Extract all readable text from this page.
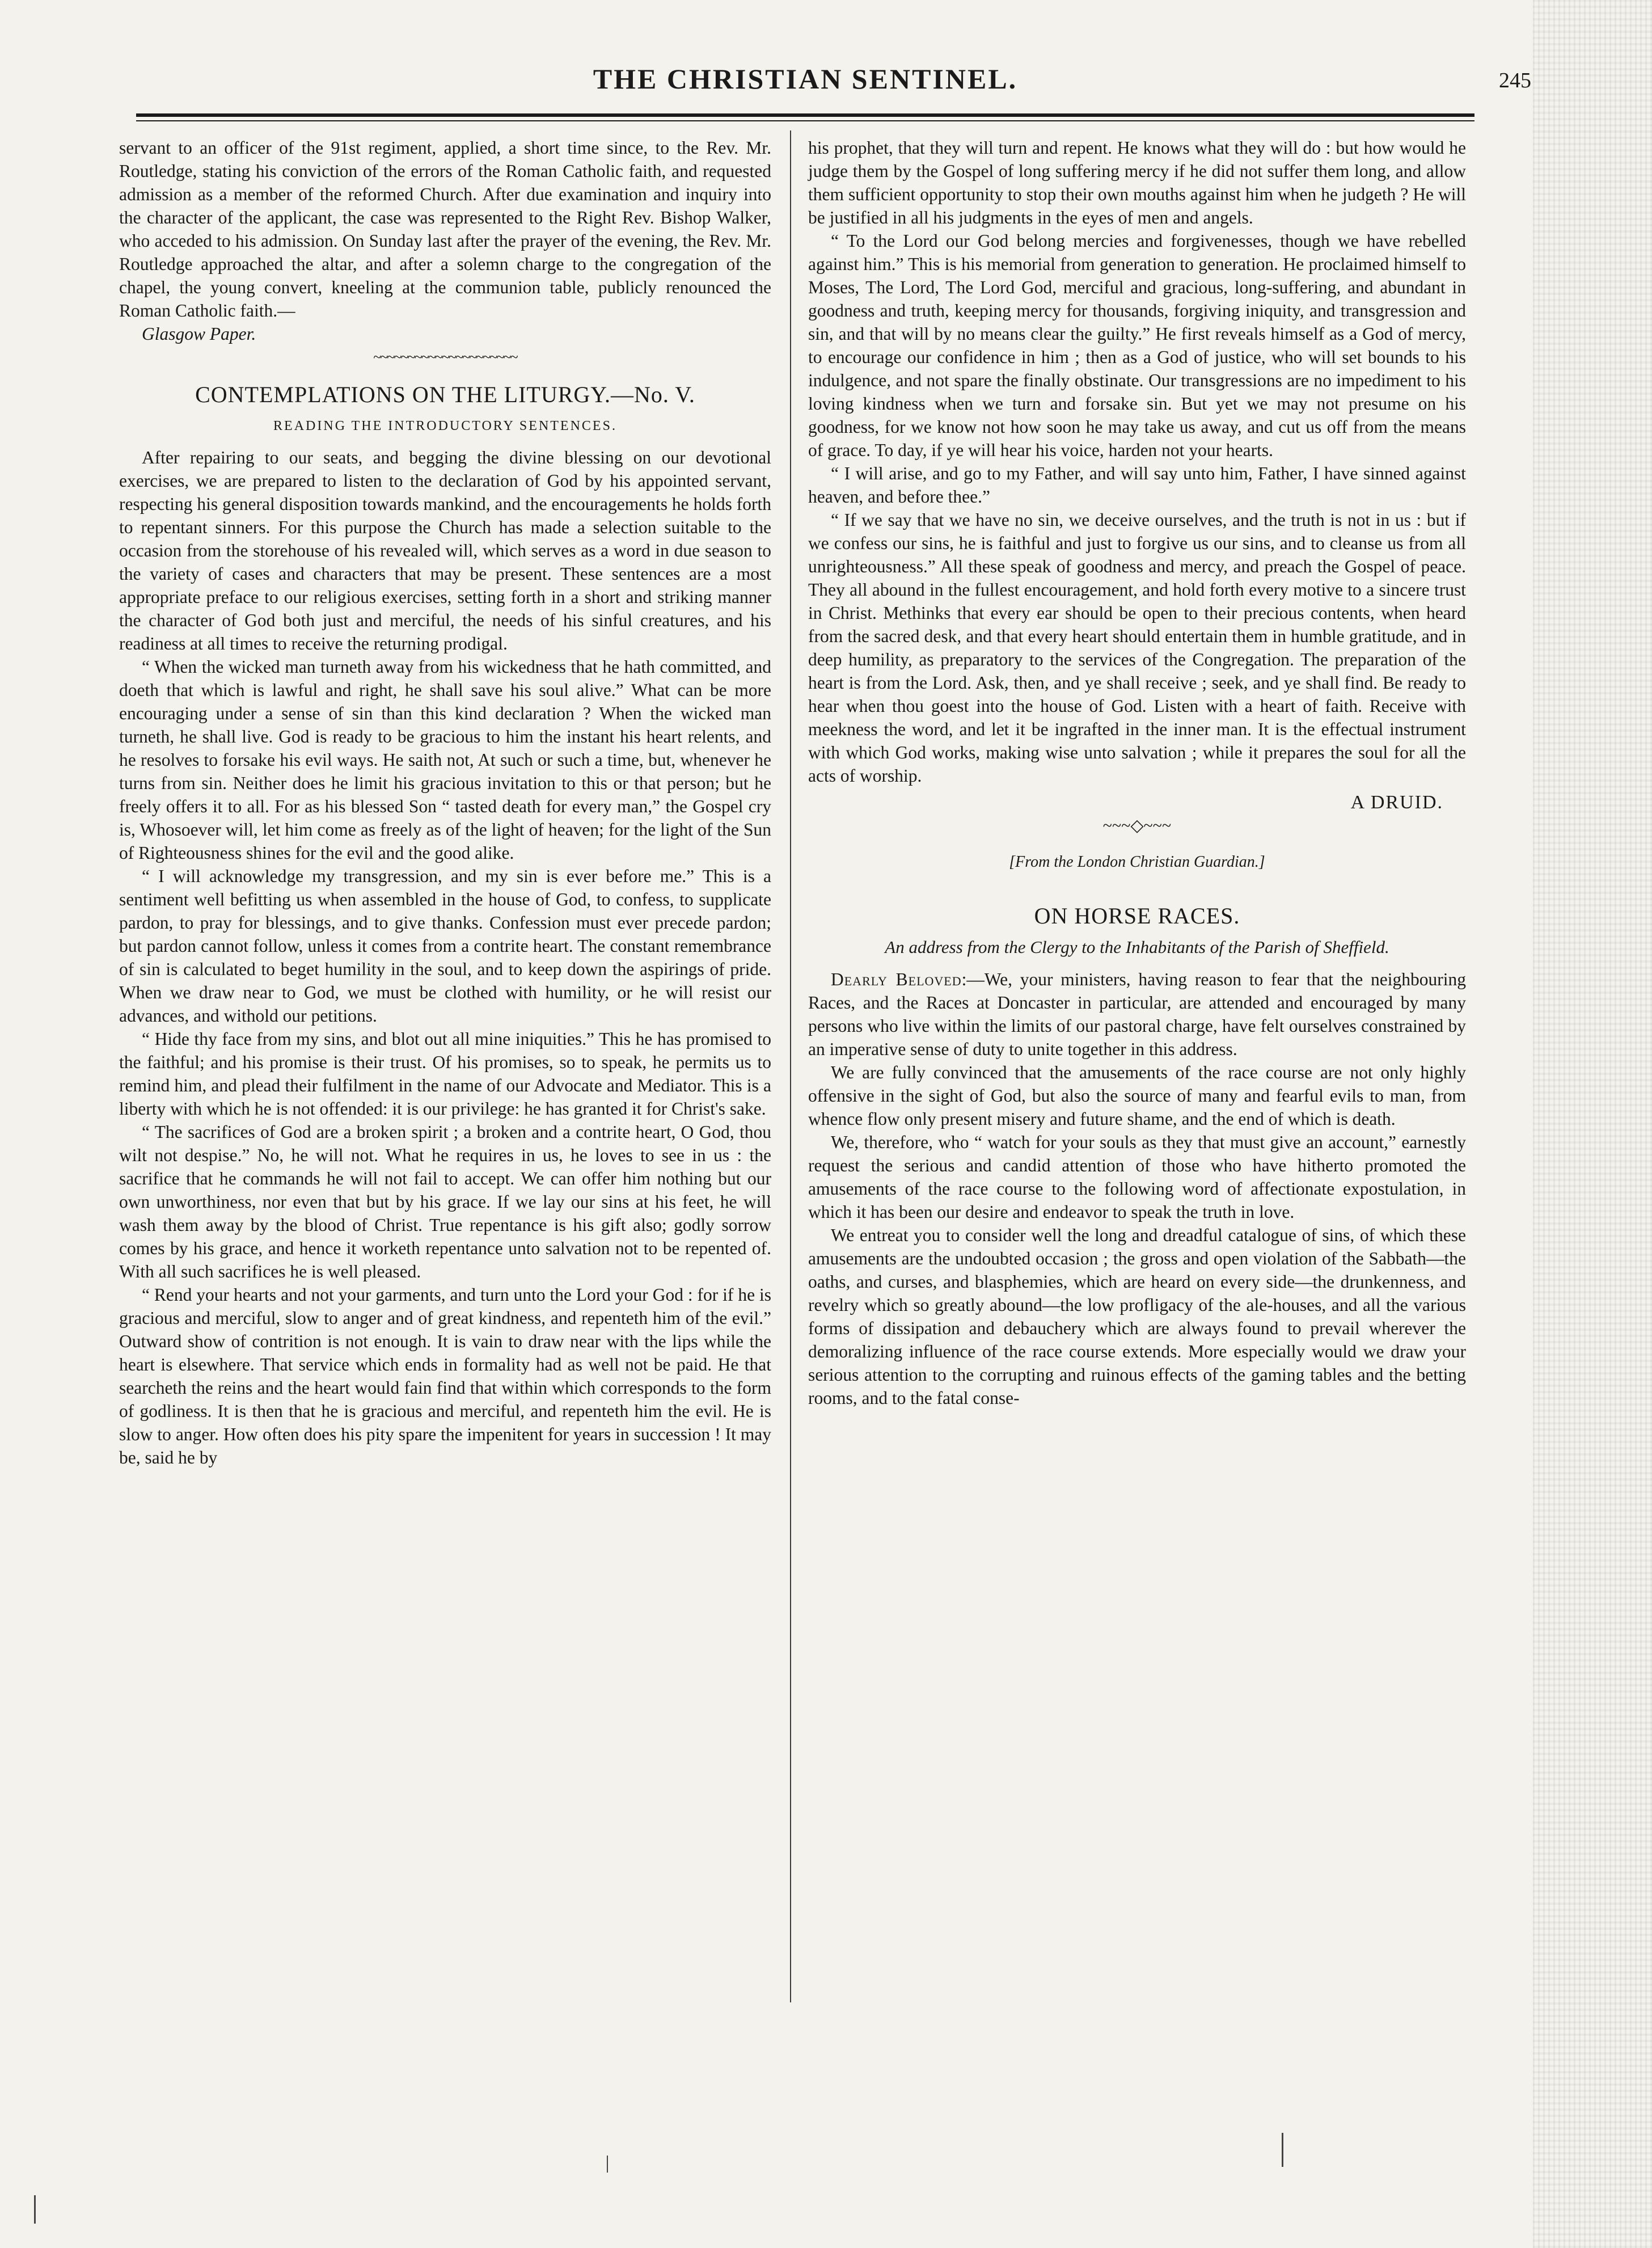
THE CHRISTIAN SENTINEL.	245

servant to an officer of the 91st regiment, applied, a short time since, to the Rev. Mr. Routledge, stating his conviction of the errors of the Roman Catholic faith, and requested admission as a member of the reformed Church. After due examination and inquiry into the character of the applicant, the case was represented to the Right Rev. Bishop Walker, who acceded to his admission. On Sunday last after the prayer of the evening, the Rev. Mr. Routledge approached the altar, and after a solemn charge to the congregation of the chapel, the young convert, kneeling at the communion table, publicly renounced the Roman Catholic faith.—

Glasgow Paper.

~~~~~~~~~~~~~~~~~~~~~
CONTEMPLATIONS ON THE LITURGY.—No. V.
READING THE INTRODUCTORY SENTENCES.

After repairing to our seats, and begging the divine blessing on our devotional exercises, we are prepared to listen to the declaration of God by his appointed servant, respecting his general disposition towards mankind, and the encouragements he holds forth to repentant sinners. For this purpose the Church has made a selection suitable to the occasion from the storehouse of his revealed will, which serves as a word in due season to the variety of cases and characters that may be present. These sentences are a most appropriate preface to our religious exercises, setting forth in a short and striking manner the character of God both just and merciful, the needs of his sinful creatures, and his readiness at all times to receive the returning prodigal.

“ When the wicked man turneth away from his wickedness that he hath committed, and doeth that which is lawful and right, he shall save his soul alive.” What can be more encouraging under a sense of sin than this kind declaration ? When the wicked man turneth, he shall live. God is ready to be gracious to him the instant his heart relents, and he resolves to forsake his evil ways. He saith not, At such or such a time, but, whenever he turns from sin. Neither does he limit his gracious invitation to this or that person; but he freely offers it to all. For as his blessed Son “ tasted death for every man,” the Gospel cry is, Whosoever will, let him come as freely as of the light of heaven; for the light of the Sun of Righteousness shines for the evil and the good alike.

“ I will acknowledge my transgression, and my sin is ever before me.” This is a sentiment well befitting us when assembled in the house of God, to confess, to supplicate pardon, to pray for blessings, and to give thanks. Confession must ever precede pardon; but pardon cannot follow, unless it comes from a contrite heart. The constant remembrance of sin is calculated to beget humility in the soul, and to keep down the aspirings of pride. When we draw near to God, we must be clothed with humility, or he will resist our advances, and withold our petitions.

“ Hide thy face from my sins, and blot out all mine iniquities.” This he has promised to the faithful; and his promise is their trust. Of his promises, so to speak, he permits us to remind him, and plead their fulfilment in the name of our Advocate and Mediator. This is a liberty with which he is not offended: it is our privilege: he has granted it for Christ's sake.

“ The sacrifices of God are a broken spirit ; a broken and a contrite heart, O God, thou wilt not despise.” No, he will not. What he requires in us, he loves to see in us : the sacrifice that he commands he will not fail to accept. We can offer him nothing but our own unworthiness, nor even that but by his grace. If we lay our sins at his feet, he will wash them away by the blood of Christ. True repentance is his gift also; godly sorrow comes by his grace, and hence it worketh repentance unto salvation not to be repented of. With all such sacrifices he is well pleased.

“ Rend your hearts and not your garments, and turn unto the Lord your God : for if he is gracious and merciful, slow to anger and of great kindness, and repenteth him of the evil.” Outward show of contrition is not enough. It is vain to draw near with the lips while the heart is elsewhere. That service which ends in formality had as well not be paid. He that searcheth the reins and the heart would fain find that within which corresponds to the form of godliness. It is then that he is gracious and merciful, and repenteth him the evil. He is slow to anger. How often does his pity spare the impenitent for years in succession ! It may be, said he by

his prophet, that they will turn and repent. He knows what they will do : but how would he judge them by the Gospel of long suffering mercy if he did not suffer them long, and allow them sufficient opportunity to stop their own mouths against him when he judgeth ? He will be justified in all his judgments in the eyes of men and angels.

“ To the Lord our God belong mercies and forgivenesses, though we have rebelled against him.” This is his memorial from generation to generation. He proclaimed himself to Moses, The Lord, The Lord God, merciful and gracious, long-suffering, and abundant in goodness and truth, keeping mercy for thousands, forgiving iniquity, and transgression and sin, and that will by no means clear the guilty.” He first reveals himself as a God of mercy, to encourage our confidence in him ; then as a God of justice, who will set bounds to his indulgence, and not spare the finally obstinate. Our transgressions are no impediment to his loving kindness when we turn and forsake sin. But yet we may not presume on his goodness, for we know not how soon he may take us away, and cut us off from the means of grace. To day, if ye will hear his voice, harden not your hearts.

“ I will arise, and go to my Father, and will say unto him, Father, I have sinned against heaven, and before thee.”

“ If we say that we have no sin, we deceive ourselves, and the truth is not in us : but if we confess our sins, he is faithful and just to forgive us our sins, and to cleanse us from all unrighteousness.” All these speak of goodness and mercy, and preach the Gospel of peace. They all abound in the fullest encouragement, and hold forth every motive to a sincere trust in Christ. Methinks that every ear should be open to their precious contents, when heard from the sacred desk, and that every heart should entertain them in humble gratitude, and in deep humility, as preparatory to the services of the Congregation. The preparation of the heart is from the Lord. Ask, then, and ye shall receive ; seek, and ye shall find. Be ready to hear when thou goest into the house of God. Listen with a heart of faith. Receive with meekness the word, and let it be ingrafted in the inner man. It is the effectual instrument with which God works, making wise unto salvation ; while it prepares the soul for all the acts of worship.

A DRUID.
~~~◇~~~
[From the London Christian Guardian.]
ON HORSE RACES.
An address from the Clergy to the Inhabitants of the Parish of Sheffield.

Dearly Beloved:—We, your ministers, having reason to fear that the neighbouring Races, and the Races at Doncaster in particular, are attended and encouraged by many persons who live within the limits of our pastoral charge, have felt ourselves constrained by an imperative sense of duty to unite together in this address.

We are fully convinced that the amusements of the race course are not only highly offensive in the sight of God, but also the source of many and fearful evils to man, from whence flow only present misery and future shame, and the end of which is death.

We, therefore, who “ watch for your souls as they that must give an account,” earnestly request the serious and candid attention of those who have hitherto promoted the amusements of the race course to the following word of affectionate expostulation, in which it has been our desire and endeavor to speak the truth in love.

We entreat you to consider well the long and dreadful catalogue of sins, of which these amusements are the undoubted occasion ; the gross and open violation of the Sabbath—the oaths, and curses, and blasphemies, which are heard on every side—the drunkenness, and revelry which so greatly abound—the low profligacy of the ale-houses, and all the various forms of dissipation and debauchery which are always found to prevail wherever the demoralizing influence of the race course extends. More especially would we draw your serious attention to the corrupting and ruinous effects of the gaming tables and the betting rooms, and to the fatal conse-
